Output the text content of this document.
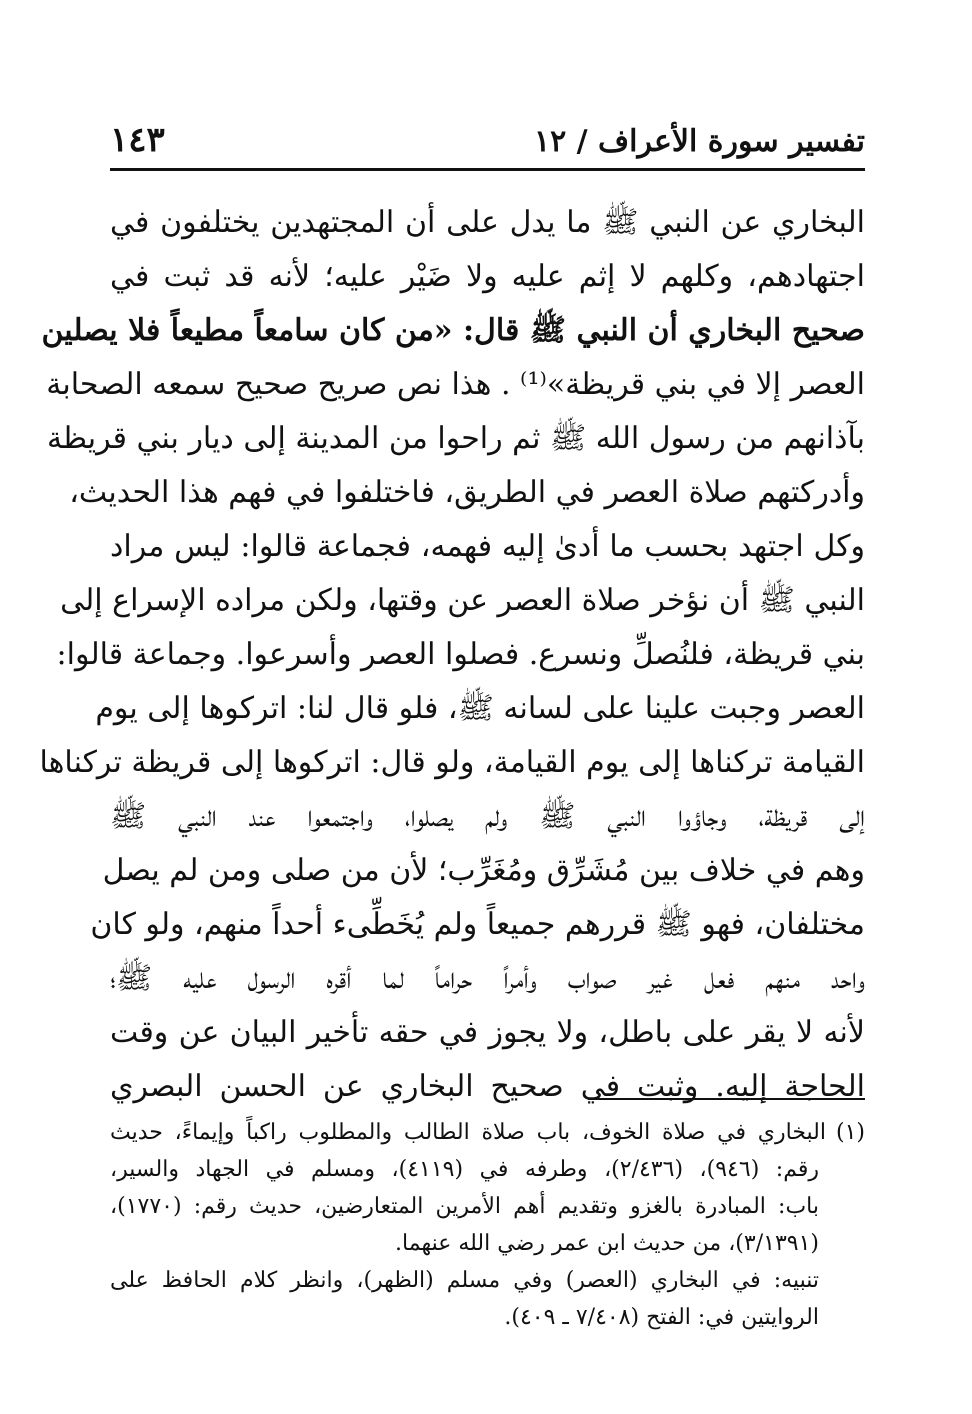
تفسير سورة الأعراف / ١٢
١٤٣
البخاري عن النبي ﷺ ما يدل على أن المجتهدين يختلفون في
اجتهادهم، وكلهم لا إثم عليه ولا ضَيْر عليه؛ لأنه قد ثبت في
صحيح البخاري أن النبي ﷺ قال: «من كان سامعاً مطيعاً فلا يصلين
العصر إلا في بني قريظة»⁽¹⁾ . هذا نص صريح صحيح سمعه الصحابة
بآذانهم من رسول الله ﷺ ثم راحوا من المدينة إلى ديار بني قريظة
وأدركتهم صلاة العصر في الطريق، فاختلفوا في فهم هذا الحديث،
وكل اجتهد بحسب ما أدىٰ إليه فهمه، فجماعة قالوا: ليس مراد
النبي ﷺ أن نؤخر صلاة العصر عن وقتها، ولكن مراده الإسراع إلى
بني قريظة، فلنُصلِّ ونسرع. فصلوا العصر وأسرعوا. وجماعة قالوا:
العصر وجبت علينا على لسانه ﷺ، فلو قال لنا: اتركوها إلى يوم
القيامة تركناها إلى يوم القيامة، ولو قال: اتركوها إلى قريظة تركناها
إلى قريظة، وجاؤوا النبي ﷺ ولم يصلوا، واجتمعوا عند النبي ﷺ
وهم في خلاف بين مُشَرِّق ومُغَرِّب؛ لأن من صلى ومن لم يصل
مختلفان، فهو ﷺ قررهم جميعاً ولم يُخَطِّىء أحداً منهم، ولو كان
واحد منهم فعل غير صواب وأمراً حراماً لما أقره الرسول عليه ﷺ؛
لأنه لا يقر على باطل، ولا يجوز في حقه تأخير البيان عن وقت
الحاجة إليه. وثبت في صحيح البخاري عن الحسن البصري
(١)البخاري في صلاة الخوف، باب صلاة الطالب والمطلوب راكباً وإيماءً، حديث
رقم: (٩٤٦)، (٢/٤٣٦)، وطرفه في (٤١١٩)، ومسلم في الجهاد والسير،
باب: المبادرة بالغزو وتقديم أهم الأمرين المتعارضين، حديث رقم: (١٧٧٠)،
(٣/١٣٩١)، من حديث ابن عمر رضي الله عنهما.
تنبيه: في البخاري (العصر) وفي مسلم (الظهر)، وانظر كلام الحافظ على
الروايتين في: الفتح (٧/٤٠٨ ـ ٤٠٩).
